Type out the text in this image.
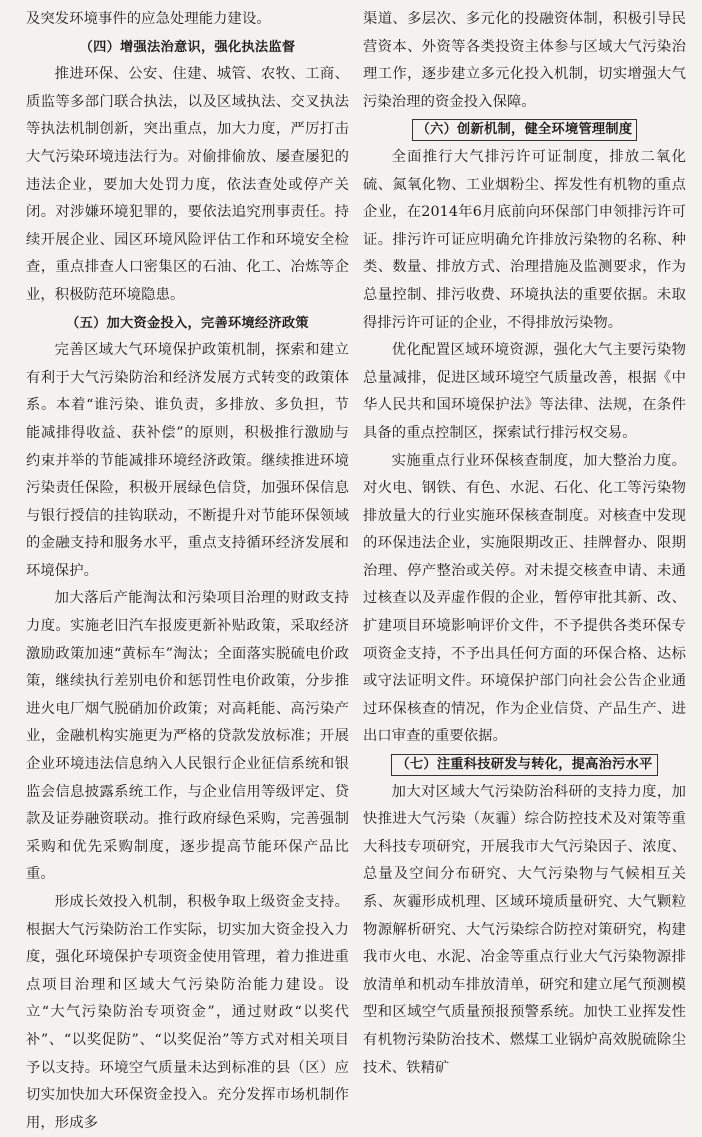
及突发环境事件的应急处理能力建设。

（四）增强法治意识，强化执法监督

推进环保、公安、住建、城管、农牧、工商、质监等多部门联合执法，以及区域执法、交叉执法等执法机制创新，突出重点，加大力度，严厉打击大气污染环境违法行为。对偷排偷放、屡查屡犯的违法企业，要加大处罚力度，依法查处或停产关闭。对涉嫌环境犯罪的，要依法追究刑事责任。持续开展企业、园区环境风险评估工作和环境安全检查，重点排查人口密集区的石油、化工、冶炼等企业，积极防范环境隐患。

（五）加大资金投入，完善环境经济政策

完善区域大气环境保护政策机制，探索和建立有利于大气污染防治和经济发展方式转变的政策体系。本着“谁污染、谁负责，多排放、多负担，节能减排得收益、获补偿”的原则，积极推行激励与约束并举的节能减排环境经济政策。继续推进环境污染责任保险，积极开展绿色信贷，加强环保信息与银行授信的挂钩联动，不断提升对节能环保领域的金融支持和服务水平，重点支持循环经济发展和环境保护。

加大落后产能淘汰和污染项目治理的财政支持力度。实施老旧汽车报废更新补贴政策，采取经济激励政策加速“黄标车”淘汰；全面落实脱硫电价政策，继续执行差别电价和惩罚性电价政策，分步推进火电厂烟气脱硝加价政策；对高耗能、高污染产业，金融机构实施更为严格的贷款发放标准；开展企业环境违法信息纳入人民银行企业征信系统和银监会信息披露系统工作，与企业信用等级评定、贷款及证券融资联动。推行政府绿色采购，完善强制采购和优先采购制度，逐步提高节能环保产品比重。

形成长效投入机制，积极争取上级资金支持。根据大气污染防治工作实际，切实加大资金投入力度，强化环境保护专项资金使用管理，着力推进重点项目治理和区域大气污染防治能力建设。设立“大气污染防治专项资金”，通过财政“以奖代补”、“以奖促防”、“以奖促治”等方式对相关项目予以支持。环境空气质量未达到标准的县（区）应切实加快加大环保资金投入。充分发挥市场机制作用，形成多

渠道、多层次、多元化的投融资体制，积极引导民营资本、外资等各类投资主体参与区域大气污染治理工作，逐步建立多元化投入机制，切实增强大气污染治理的资金投入保障。

（六）创新机制，健全环境管理制度

全面推行大气排污许可证制度，排放二氧化硫、氮氧化物、工业烟粉尘、挥发性有机物的重点企业，在2014年6月底前向环保部门申领排污许可证。排污许可证应明确允许排放污染物的名称、种类、数量、排放方式、治理措施及监测要求，作为总量控制、排污收费、环境执法的重要依据。未取得排污许可证的企业，不得排放污染物。

优化配置区域环境资源，强化大气主要污染物总量减排，促进区域环境空气质量改善，根据《中华人民共和国环境保护法》等法律、法规，在条件具备的重点控制区，探索试行排污权交易。

实施重点行业环保核查制度，加大整治力度。对火电、钢铁、有色、水泥、石化、化工等污染物排放量大的行业实施环保核查制度。对核查中发现的环保违法企业，实施限期改正、挂牌督办、限期治理、停产整治或关停。对未提交核查申请、未通过核查以及弄虚作假的企业，暂停审批其新、改、扩建项目环境影响评价文件，不予提供各类环保专项资金支持，不予出具任何方面的环保合格、达标或守法证明文件。环境保护部门向社会公告企业通过环保核查的情况，作为企业信贷、产品生产、进出口审查的重要依据。

（七）注重科技研发与转化，提高治污水平

加大对区域大气污染防治科研的支持力度，加快推进大气污染（灰霾）综合防控技术及对策等重大科技专项研究，开展我市大气污染因子、浓度、总量及空间分布研究、大气污染物与气候相互关系、灰霾形成机理、区域环境质量研究、大气颗粒物源解析研究、大气污染综合防控对策研究，构建我市火电、水泥、冶金等重点行业大气污染物源排放清单和机动车排放清单，研究和建立尾气预测模型和区域空气质量预报预警系统。加快工业挥发性有机物污染防治技术、燃煤工业锅炉高效脱硫除尘技术、铁精矿
